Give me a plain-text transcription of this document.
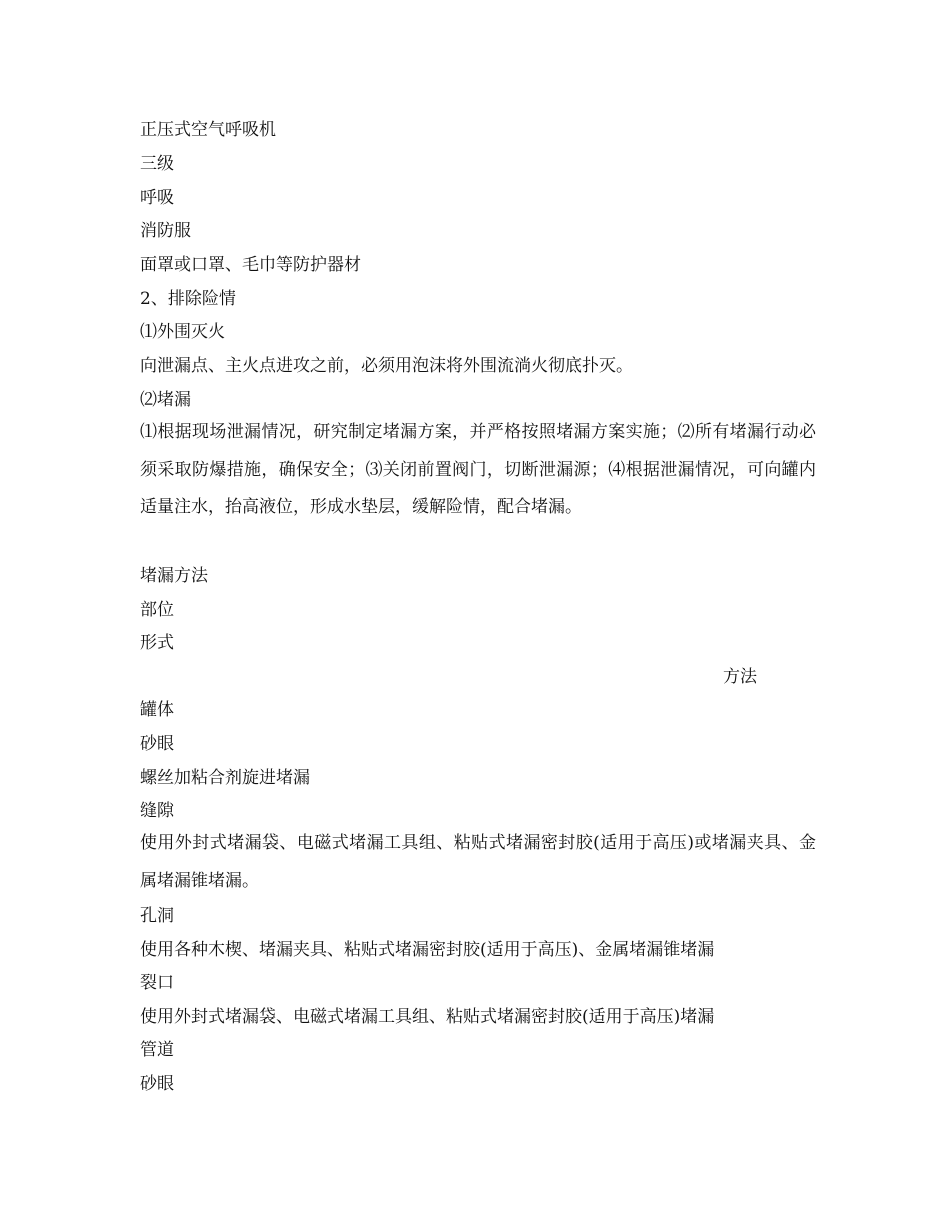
正压式空气呼吸机
三级
呼吸
消防服
面罩或口罩、毛巾等防护器材
2、排除险情
⑴外围灭火
向泄漏点、主火点进攻之前，必须用泡沫将外围流淌火彻底扑灭。
⑵堵漏
⑴根据现场泄漏情况，研究制定堵漏方案，并严格按照堵漏方案实施；⑵所有堵漏行动必须采取防爆措施，确保安全；⑶关闭前置阀门，切断泄漏源；⑷根据泄漏情况，可向罐内适量注水，抬高液位，形成水垫层，缓解险情，配合堵漏。
堵漏方法
部位
形式
方法
罐体
砂眼
螺丝加粘合剂旋进堵漏
缝隙
使用外封式堵漏袋、电磁式堵漏工具组、粘贴式堵漏密封胶(适用于高压)或堵漏夹具、金属堵漏锥堵漏。
孔洞
使用各种木楔、堵漏夹具、粘贴式堵漏密封胶(适用于高压)、金属堵漏锥堵漏
裂口
使用外封式堵漏袋、电磁式堵漏工具组、粘贴式堵漏密封胶(适用于高压)堵漏
管道
砂眼
